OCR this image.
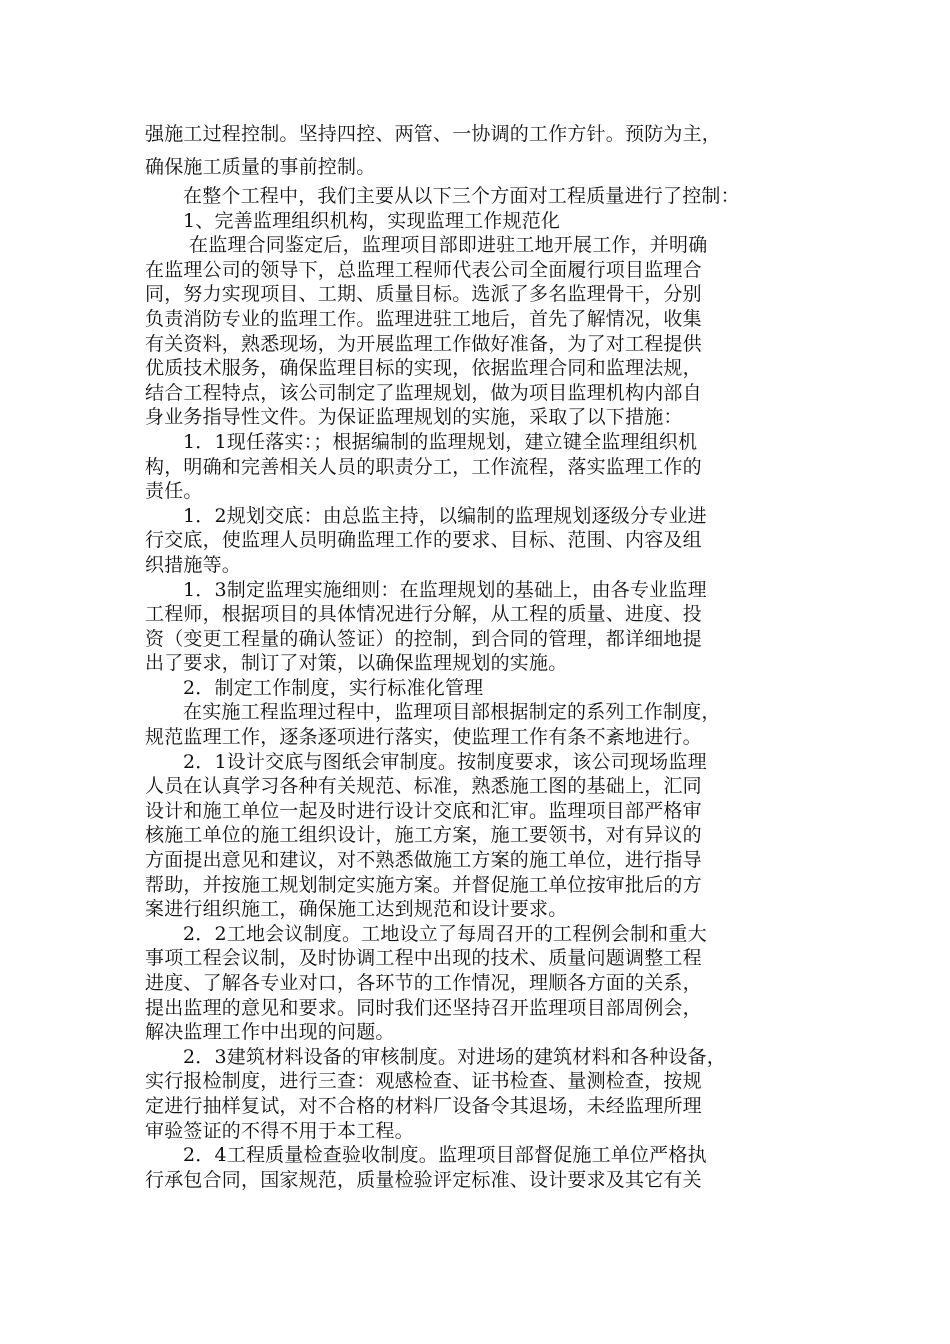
强施工过程控制。坚持四控、两管、一协调的工作方针。预防为主，
确保施工质量的事前控制。
在整个工程中，我们主要从以下三个方面对工程质量进行了控制：
1、完善监理组织机构，实现监理工作规范化
在监理合同鉴定后，监理项目部即进驻工地开展工作，并明确
在监理公司的领导下，总监理工程师代表公司全面履行项目监理合
同，努力实现项目、工期、质量目标。选派了多名监理骨干，分别
负责消防专业的监理工作。监理进驻工地后，首先了解情况，收集
有关资料，熟悉现场，为开展监理工作做好准备，为了对工程提供
优质技术服务，确保监理目标的实现，依据监理合同和监理法规，
结合工程特点，该公司制定了监理规划，做为项目监理机构内部自
身业务指导性文件。为保证监理规划的实施，采取了以下措施：
1．1现任落实：；根据编制的监理规划，建立键全监理组织机
构，明确和完善相关人员的职责分工，工作流程，落实监理工作的
责任。
1．2规划交底：由总监主持，以编制的监理规划逐级分专业进
行交底，使监理人员明确监理工作的要求、目标、范围、内容及组
织措施等。
1．3制定监理实施细则：在监理规划的基础上，由各专业监理
工程师，根据项目的具体情况进行分解，从工程的质量、进度、投
资（变更工程量的确认签证）的控制，到合同的管理，都详细地提
出了要求，制订了对策，以确保监理规划的实施。
2．制定工作制度，实行标准化管理
在实施工程监理过程中，监理项目部根据制定的系列工作制度，
规范监理工作，逐条逐项进行落实，使监理工作有条不紊地进行。
2．1设计交底与图纸会审制度。按制度要求，该公司现场监理
人员在认真学习各种有关规范、标准，熟悉施工图的基础上，汇同
设计和施工单位一起及时进行设计交底和汇审。监理项目部严格审
核施工单位的施工组织设计，施工方案，施工要领书，对有异议的
方面提出意见和建议，对不熟悉做施工方案的施工单位，进行指导
帮助，并按施工规划制定实施方案。并督促施工单位按审批后的方
案进行组织施工，确保施工达到规范和设计要求。
2．2工地会议制度。工地设立了每周召开的工程例会制和重大
事项工程会议制，及时协调工程中出现的技术、质量问题调整工程
进度、了解各专业对口，各环节的工作情况，理顺各方面的关系，
提出监理的意见和要求。同时我们还坚持召开监理项目部周例会，
解决监理工作中出现的问题。
2．3建筑材料设备的审核制度。对进场的建筑材料和各种设备，
实行报检制度，进行三查：观感检查、证书检查、量测检查，按规
定进行抽样复试，对不合格的材料厂设备令其退场，未经监理所理
审验签证的不得不用于本工程。
2．4工程质量检查验收制度。监理项目部督促施工单位严格执
行承包合同，国家规范，质量检验评定标准、设计要求及其它有关
